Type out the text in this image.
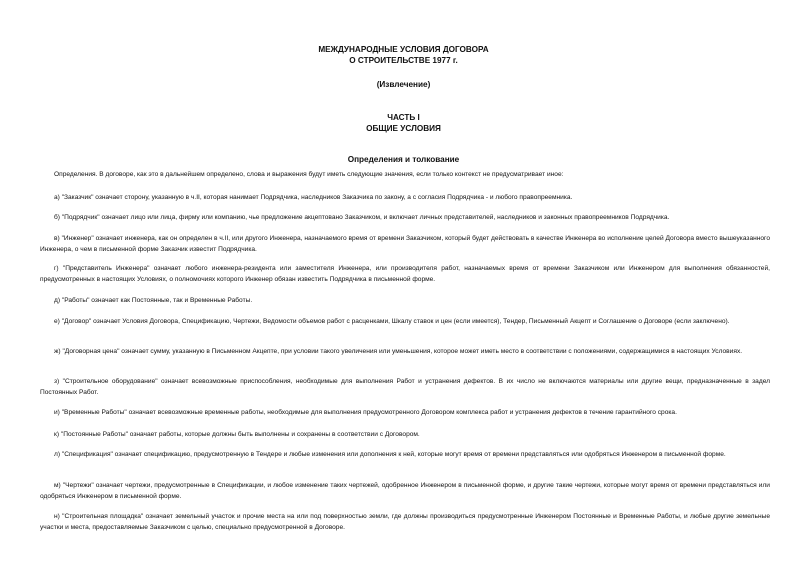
МЕЖДУНАРОДНЫЕ УСЛОВИЯ ДОГОВОРА
О СТРОИТЕЛЬСТВЕ 1977 г.
(Извлечение)
ЧАСТЬ I
ОБЩИЕ УСЛОВИЯ
Определения и толкование
Определения. В договоре, как это в дальнейшем определено, слова и выражения будут иметь следующие значения, если только контекст не предусматривает иное:
а) "Заказчик" означает сторону, указанную в ч.II, которая нанимает Подрядчика, наследников Заказчика по закону, а с согласия Подрядчика - и любого правопреемника.
б) "Подрядчик" означает лицо или лица, фирму или компанию, чье предложение акцептовано Заказчиком, и включает личных представителей, наследников и законных правопреемников Подрядчика.
в) "Инженер" означает инженера, как он определен в ч.II, или другого Инженера, назначаемого время от времени Заказчиком, который будет действовать в качестве Инженера во исполнение целей Договора вместо вышеуказанного Инженера, о чем в письменной форме Заказчик известит Подрядчика.
г) "Представитель Инженера" означает любого инженера-резидента или заместителя Инженера, или производителя работ, назначаемых время от времени Заказчиком или Инженером для выполнения обязанностей, предусмотренных в настоящих Условиях, о полномочиях которого Инженер обязан известить Подрядчика в письменной форме.
д) "Работы" означает как Постоянные, так и Временные Работы.
е) "Договор" означает Условия Договора, Спецификацию, Чертежи, Ведомости объемов работ с расценками, Шкалу ставок и цен (если имеется), Тендер, Письменный Акцепт и Соглашение о Договоре (если заключено).
ж) "Договорная цена" означает сумму, указанную в Письменном Акцепте, при условии такого увеличения или уменьшения, которое может иметь место в соответствии с положениями, содержащимися в настоящих Условиях.
з) "Строительное оборудование" означает всевозможные приспособления, необходимые для выполнения Работ и устранения дефектов. В их число не включаются материалы или другие вещи, предназначенные в задел Постоянных Работ.
и) "Временные Работы" означает всевозможные временные работы, необходимые для выполнения предусмотренного Договором комплекса работ и устранения дефектов в течение гарантийного срока.
к) "Постоянные Работы" означает работы, которые должны быть выполнены и сохранены в соответствии с Договором.
л) "Спецификация" означает спецификацию, предусмотренную в Тендере и любые изменения или дополнения к ней, которые могут время от времени представляться или одобряться Инженером в письменной форме.
м) "Чертежи" означает чертежи, предусмотренные в Спецификации, и любое изменение таких чертежей, одобренное Инженером в письменной форме, и другие такие чертежи, которые могут время от времени представляться или одобряться Инженером в письменной форме.
н) "Строительная площадка" означает земельный участок и прочие места на или под поверхностью земли, где должны производиться предусмотренные Инженером Постоянные и Временные Работы, и любые другие земельные участки и места, предоставляемые Заказчиком с целью, специально предусмотренной в Договоре.
